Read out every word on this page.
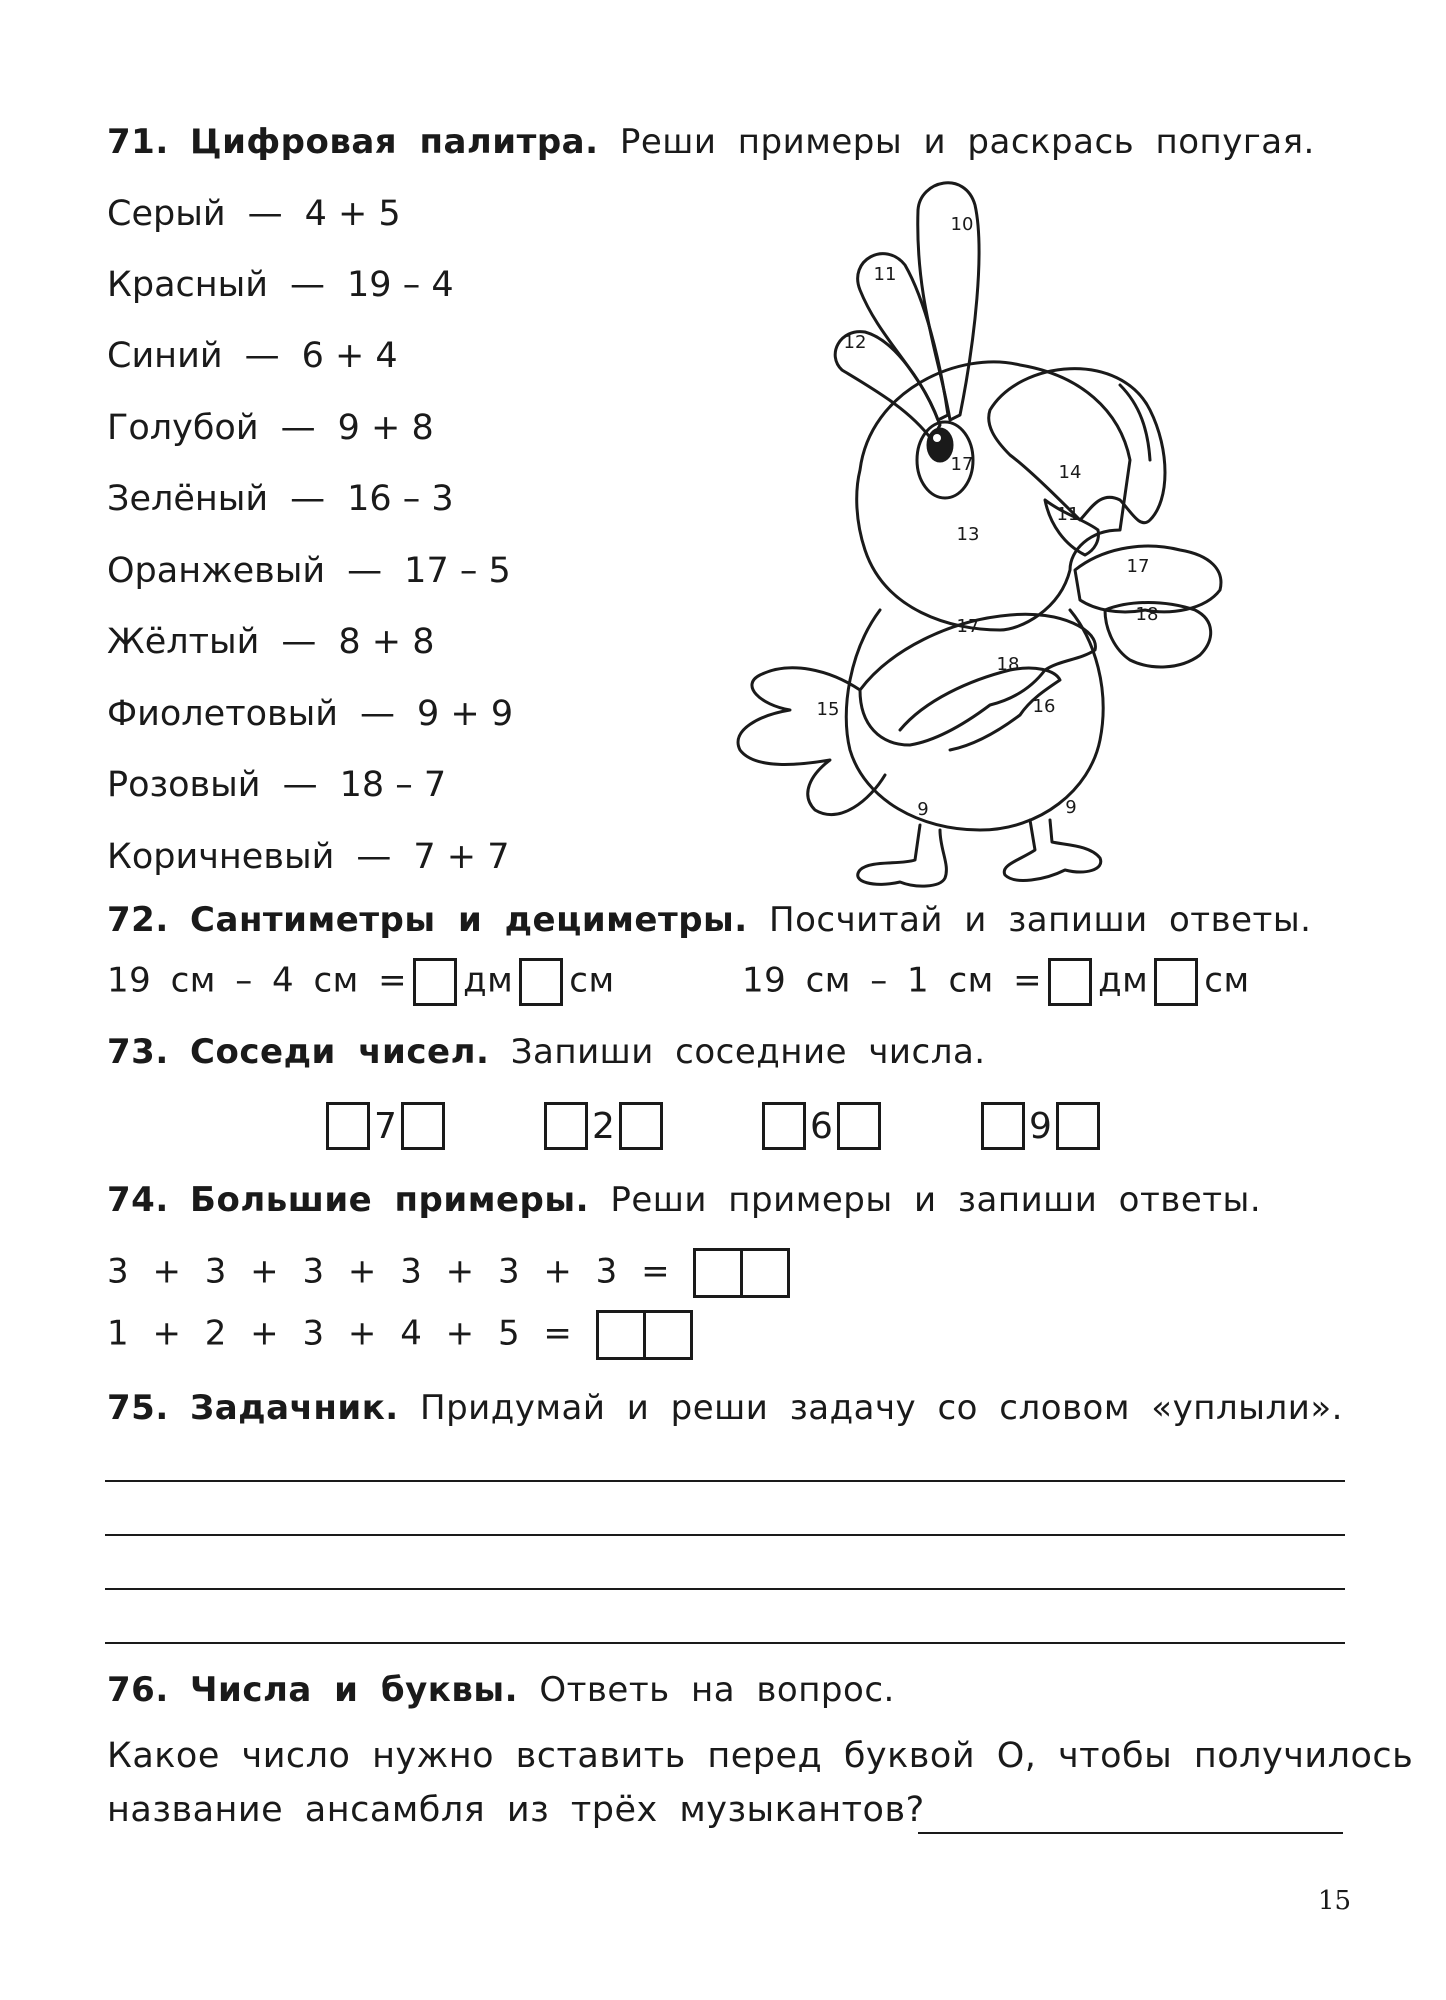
71. Цифровая палитра. Реши примеры и раскрась попугая.
Серый — 4 + 5
Красный — 19 – 4
Синий — 6 + 4
Голубой — 9 + 8
Зелёный — 16 – 3
Оранжевый — 17 – 5
Жёлтый — 8 + 8
Фиолетовый — 9 + 9
Розовый — 18 – 7
Коричневый — 7 + 7
10
11
12
17	14
11
13
17
18
17
18
15	16
9	9
72. Сантиметры и дециметры. Посчитай и запиши ответы.
19 см – 4 см = дм см	19 см – 1 см = дм см
73. Соседи чисел. Запиши соседние числа.
7	2	6	9
74. Большие примеры. Реши примеры и запиши ответы.
3 + 3 + 3 + 3 + 3 + 3 =
1 + 2 + 3 + 4 + 5 =
75. Задачник. Придумай и реши задачу со словом «уплыли».
76. Числа и буквы. Ответь на вопрос.
Какое число нужно вставить перед буквой О, чтобы получилось
название ансамбля из трёх музыкантов?
15
